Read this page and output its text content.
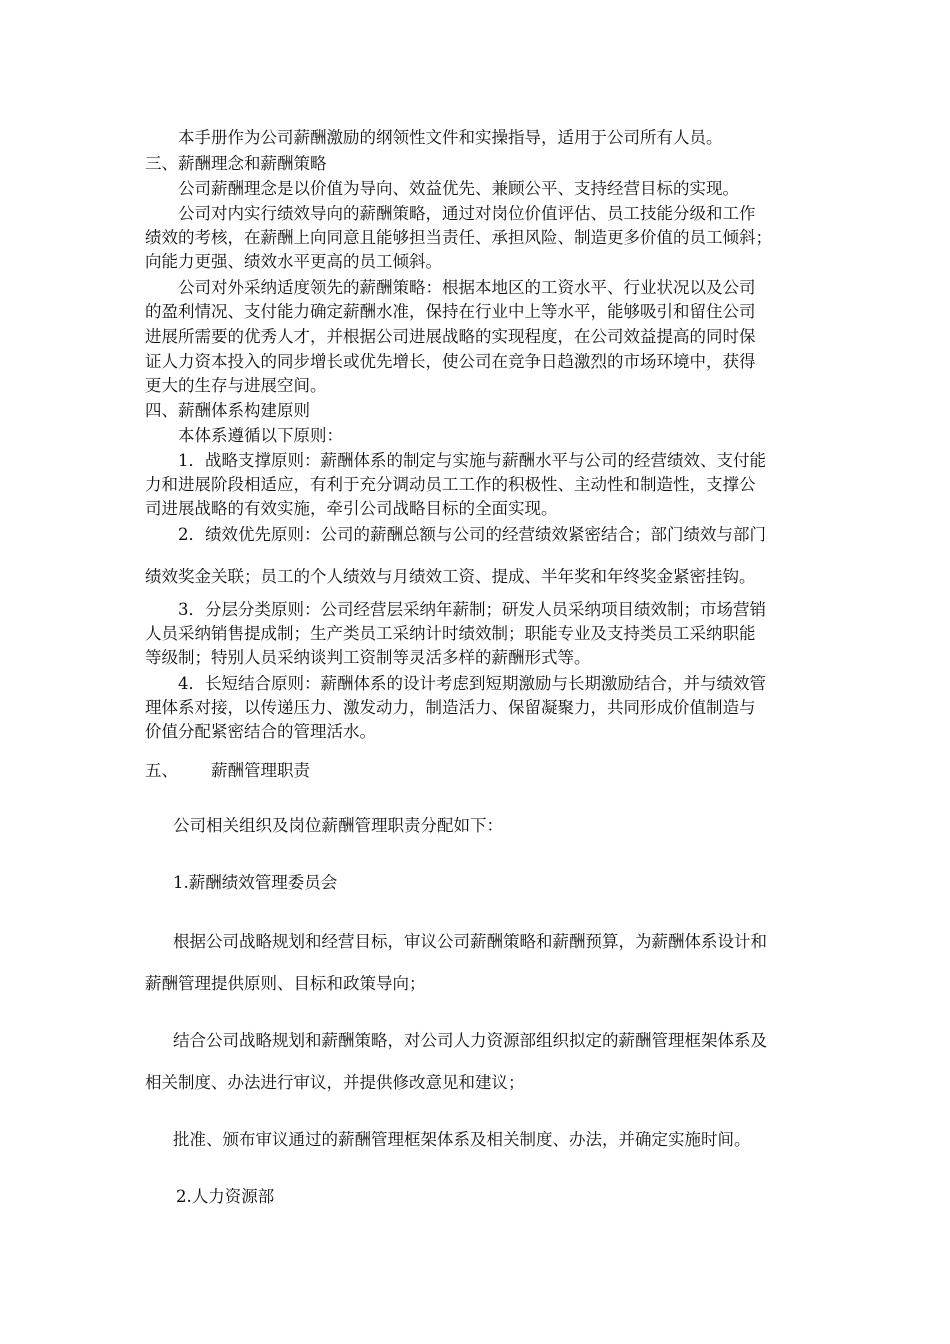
本手册作为公司薪酬激励的纲领性文件和实操指导，适用于公司所有人员。
三、薪酬理念和薪酬策略
公司薪酬理念是以价值为导向、效益优先、兼顾公平、支持经营目标的实现。
公司对内实行绩效导向的薪酬策略，通过对岗位价值评估、员工技能分级和工作
绩效的考核，在薪酬上向同意且能够担当责任、承担风险、制造更多价值的员工倾斜；
向能力更强、绩效水平更高的员工倾斜。
公司对外采纳适度领先的薪酬策略：根据本地区的工资水平、行业状况以及公司
的盈利情况、支付能力确定薪酬水准，保持在行业中上等水平，能够吸引和留住公司
进展所需要的优秀人才，并根据公司进展战略的实现程度，在公司效益提高的同时保
证人力资本投入的同步增长或优先增长，使公司在竞争日趋激烈的市场环境中，获得
更大的生存与进展空间。
四、薪酬体系构建原则
本体系遵循以下原则：
1．战略支撑原则：薪酬体系的制定与实施与薪酬水平与公司的经营绩效、支付能
力和进展阶段相适应，有利于充分调动员工工作的积极性、主动性和制造性，支撑公
司进展战略的有效实施，牵引公司战略目标的全面实现。
2．绩效优先原则：公司的薪酬总额与公司的经营绩效紧密结合；部门绩效与部门
绩效奖金关联；员工的个人绩效与月绩效工资、提成、半年奖和年终奖金紧密挂钩。
3．分层分类原则：公司经营层采纳年薪制；研发人员采纳项目绩效制；市场营销
人员采纳销售提成制；生产类员工采纳计时绩效制；职能专业及支持类员工采纳职能
等级制；特别人员采纳谈判工资制等灵活多样的薪酬形式等。
4．长短结合原则：薪酬体系的设计考虑到短期激励与长期激励结合，并与绩效管
理体系对接，以传递压力、激发动力，制造活力、保留凝聚力，共同形成价值制造与
价值分配紧密结合的管理活水。
五、 薪酬管理职责
公司相关组织及岗位薪酬管理职责分配如下：
1.薪酬绩效管理委员会
根据公司战略规划和经营目标，审议公司薪酬策略和薪酬预算，为薪酬体系设计和
薪酬管理提供原则、目标和政策导向；
结合公司战略规划和薪酬策略，对公司人力资源部组织拟定的薪酬管理框架体系及
相关制度、办法进行审议，并提供修改意见和建议；
批准、颁布审议通过的薪酬管理框架体系及相关制度、办法，并确定实施时间。
2.人力资源部
